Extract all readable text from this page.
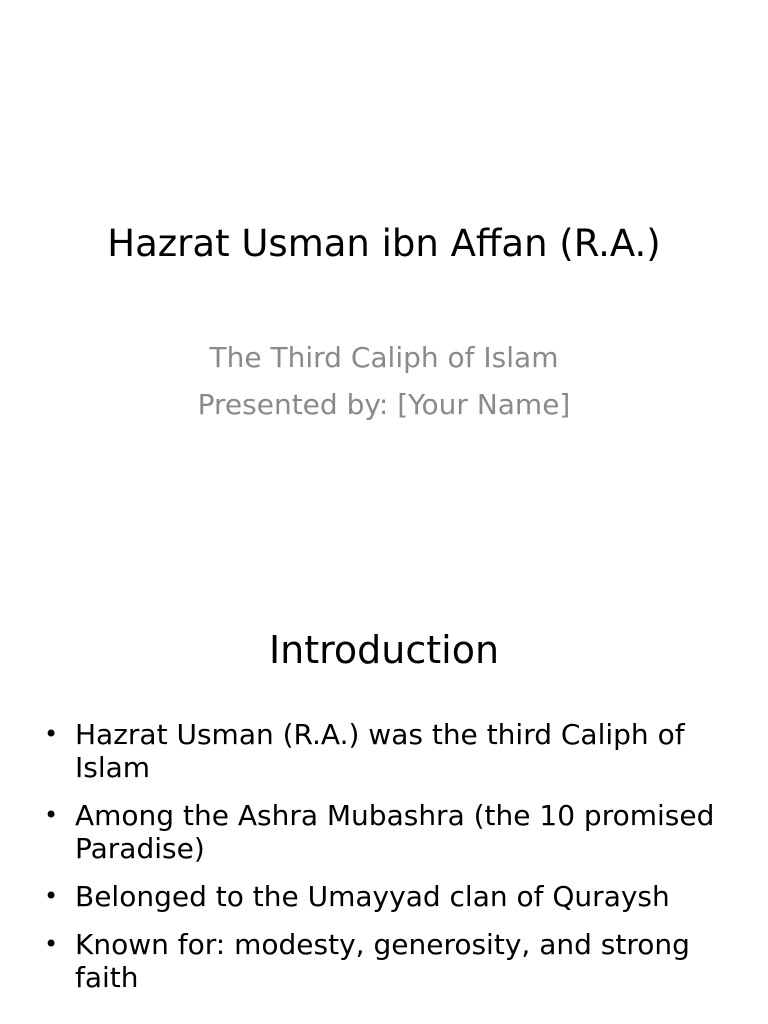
Hazrat Usman ibn Affan (R.A.)
The Third Caliph of Islam
Presented by: [Your Name]
Introduction
• Hazrat Usman (R.A.) was the third Caliph of Islam
• Among the Ashra Mubashra (the 10 promised Paradise)
• Belonged to the Umayyad clan of Quraysh
• Known for: modesty, generosity, and strong faith
